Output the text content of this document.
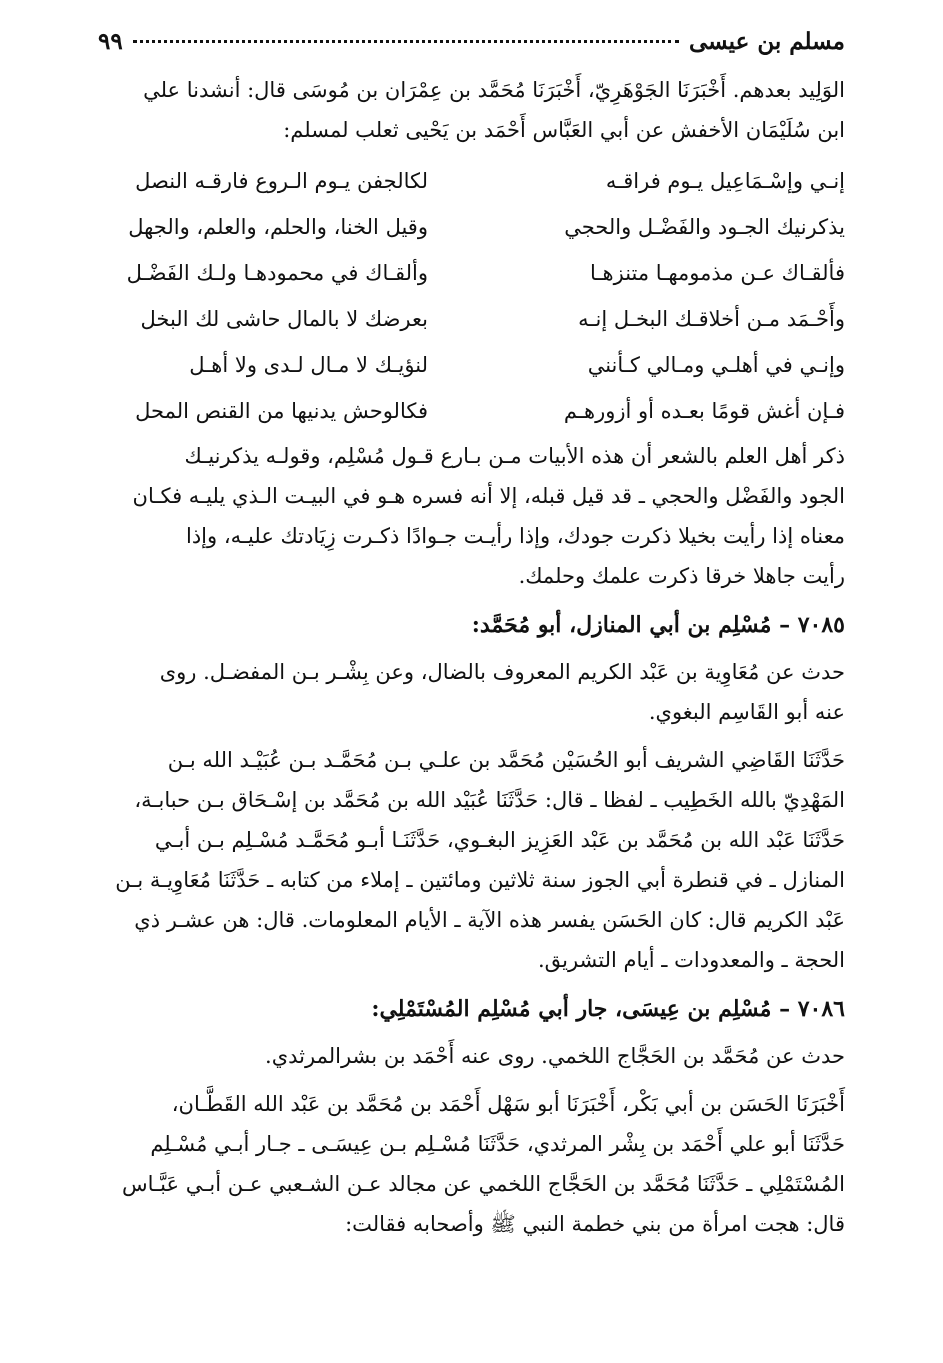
مسلم بن عيسى
٩٩

الوَلِيد بعدهم. أَخْبَرَنَا الجَوْهَرِيّ، أَخْبَرَنَا مُحَمَّد بن عِمْرَان بن مُوسَى قال: أنشدنا علي

ابن سُلَيْمَان الأخفش عن أبي العَبَّاس أَحْمَد بن يَحْيى ثعلب لمسلم:

إنـي وإسْـمَاعِيل يـوم فراقـه
لكالجفن يـوم الـروع فارقـه النصل
يذكرنيك الجـود والفَضْـل والحجي
وقيل الخنا، والحلم، والعلم، والجهل
فألقـاك عـن مذمومهـا متنزهـا
وألقـاك في محمودهـا ولـك الفَضْـل
وأَحْـمَد مـن أخلاقـك البخـل إنـه
بعرضك لا بالمال حاشى لك البخل
وإنـي في أهلـي ومـالي كـأنني
لنؤيـك لا مـال لـدى ولا أهـل
فـإن أغش قومًا بعـده أو أزورهـم
فكالوحش يدنيها من القنص المحل

ذكر أهل العلم بالشعر أن هذه الأبيات مـن بـارع قـول مُسْلِم، وقولـه يذكرنيـك

الجود والفَضْل والحجي ـ قد قيل قبله، إلا أنه فسره هـو في البيـت الـذي يليـه فكـان

معناه إذا رأيت بخيلا ذكرت جودك، وإذا رأيـت جـوادًا ذكـرت زِيَادتك عليـه، وإذا

رأيت جاهلا خرقا ذكرت علمك وحلمك.

٧٠٨٥ – مُسْلِم بن أبي المنازل، أبو مُحَمَّد:

حدث عن مُعَاوِية بن عَبْد الكريم المعروف بالضال، وعن بِشْـر بـن المفضـل. روى

عنه أبو القَاسِم البغوي.

حَدَّثَنَا القَاضِي الشريف أبو الحُسَيْن مُحَمَّد بن علـي بـن مُحَمَّـد بـن عُبَيْـد الله بـن

المَهْدِيّ بالله الخَطِيب ـ لفظا ـ قال: حَدَّثَنَا عُبَيْد الله بن مُحَمَّد بن إسْـحَاق بـن حبابـة،

حَدَّثَنَا عَبْد الله بن مُحَمَّد بن عَبْد العَزِيز البغـوي، حَدَّثَنَـا أبـو مُحَمَّـد مُسْـلِم بـن أبـي

المنازل ـ في قنطرة أبي الجوز سنة ثلاثين ومائتين ـ إملاء من كتابه ـ حَدَّثَنَا مُعَاوِيـة بـن

عَبْد الكريم قال: كان الحَسَن يفسر هذه الآية ـ الأيام المعلومات. قال: هن عشـر ذي

الحجة ـ والمعدودات ـ أيام التشريق.

٧٠٨٦ – مُسْلِم بن عِيسَى، جار أبي مُسْلِم المُسْتَمْلِي:

حدث عن مُحَمَّد بن الحَجَّاج اللخمي. روى عنه أَحْمَد بن بشرالمرثدي.

أَخْبَرَنَا الحَسَن بن أبي بَكْر، أَخْبَرَنَا أبو سَهْل أَحْمَد بن مُحَمَّد بن عَبْد الله القَطَّـان،

حَدَّثَنَا أبو علي أَحْمَد بن بِشْر المرثدي، حَدَّثَنَا مُسْـلِم بـن عِيسَـى ـ جـار أبـي مُسْـلِم

المُسْتَمْلِي ـ حَدَّثَنَا مُحَمَّد بن الحَجَّاج اللخمي عن مجالد عـن الشـعبي عـن أبـي عَبَّـاس

قال: هجت امرأة من بني خطمة النبي ﷺ وأصحابه فقالت:
